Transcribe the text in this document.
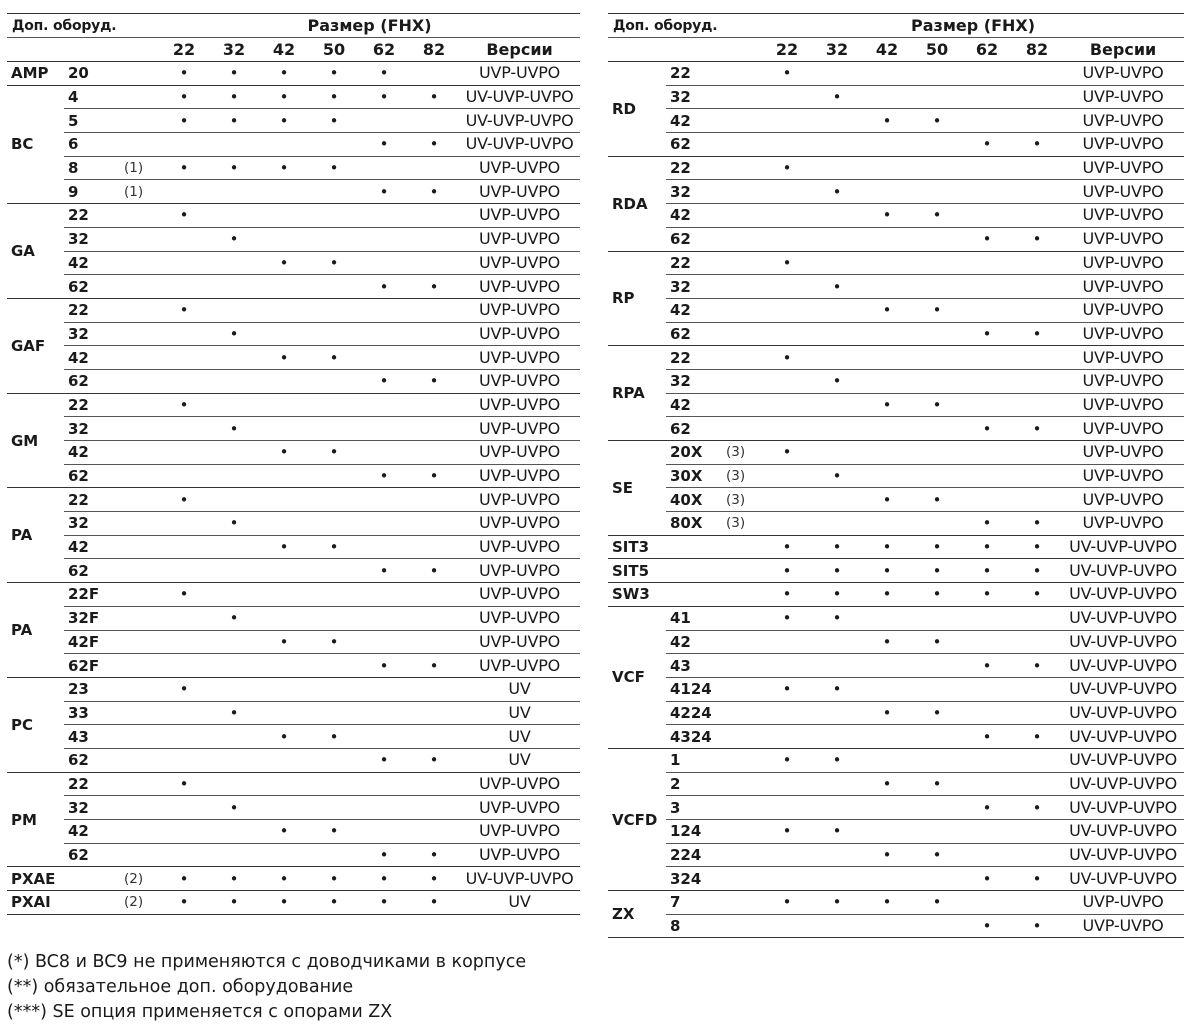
Доп. оборуд.			Размер (FHX)						
			22	32	42	50	62	82	Версии
AMP	20		•	•	•	•	•		UVP-UVPO
BC	4		•	•	•	•	•	•	UV-UVP-UVPO
	5		•	•	•	•			UV-UVP-UVPO
	6						•	•	UV-UVP-UVPO
	8	(1)	•	•	•	•			UVP-UVPO
	9	(1)					•	•	UVP-UVPO
GA	22		•						UVP-UVPO
	32			•					UVP-UVPO
	42				•	•			UVP-UVPO
	62						•	•	UVP-UVPO
GAF	22		•						UVP-UVPO
	32			•					UVP-UVPO
	42				•	•			UVP-UVPO
	62						•	•	UVP-UVPO
GM	22		•						UVP-UVPO
	32			•					UVP-UVPO
	42				•	•			UVP-UVPO
	62						•	•	UVP-UVPO
PA	22		•						UVP-UVPO
	32			•					UVP-UVPO
	42				•	•			UVP-UVPO
	62						•	•	UVP-UVPO
PA	22F		•						UVP-UVPO
	32F			•					UVP-UVPO
	42F				•	•			UVP-UVPO
	62F						•	•	UVP-UVPO
PC	23		•						UV
	33			•					UV
	43				•	•			UV
	62						•	•	UV
PM	22		•						UVP-UVPO
	32			•					UVP-UVPO
	42				•	•			UVP-UVPO
	62						•	•	UVP-UVPO
PXAE		(2)	•	•	•	•	•	•	UV-UVP-UVPO
PXAI		(2)	•	•	•	•	•	•	UV
Доп. оборуд.			Размер (FHX)						
			22	32	42	50	62	82	Версии
RD	22		•						UVP-UVPO
	32			•					UVP-UVPO
	42				•	•			UVP-UVPO
	62						•	•	UVP-UVPO
RDA	22		•						UVP-UVPO
	32			•					UVP-UVPO
	42				•	•			UVP-UVPO
	62						•	•	UVP-UVPO
RP	22		•						UVP-UVPO
	32			•					UVP-UVPO
	42				•	•			UVP-UVPO
	62						•	•	UVP-UVPO
RPA	22		•						UVP-UVPO
	32			•					UVP-UVPO
	42				•	•			UVP-UVPO
	62						•	•	UVP-UVPO
SE	20X	(3)	•						UVP-UVPO
	30X	(3)		•					UVP-UVPO
	40X	(3)			•	•			UVP-UVPO
	80X	(3)					•	•	UVP-UVPO
SIT3			•	•	•	•	•	•	UV-UVP-UVPO
SIT5			•	•	•	•	•	•	UV-UVP-UVPO
SW3			•	•	•	•	•	•	UV-UVP-UVPO
VCF	41		•	•					UV-UVP-UVPO
	42				•	•			UV-UVP-UVPO
	43						•	•	UV-UVP-UVPO
	4124		•	•					UV-UVP-UVPO
	4224				•	•			UV-UVP-UVPO
	4324						•	•	UV-UVP-UVPO
VCFD	1		•	•					UV-UVP-UVPO
	2				•	•			UV-UVP-UVPO
	3						•	•	UV-UVP-UVPO
	124		•	•					UV-UVP-UVPO
	224				•	•			UV-UVP-UVPO
	324						•	•	UV-UVP-UVPO
ZX	7		•	•	•	•			UVP-UVPO
	8						•	•	UVP-UVPO
(*) BC8 и BC9 не применяются с доводчиками в корпусе
(**) обязательное доп. оборудование
(***) SE опция применяется с опорами ZX
